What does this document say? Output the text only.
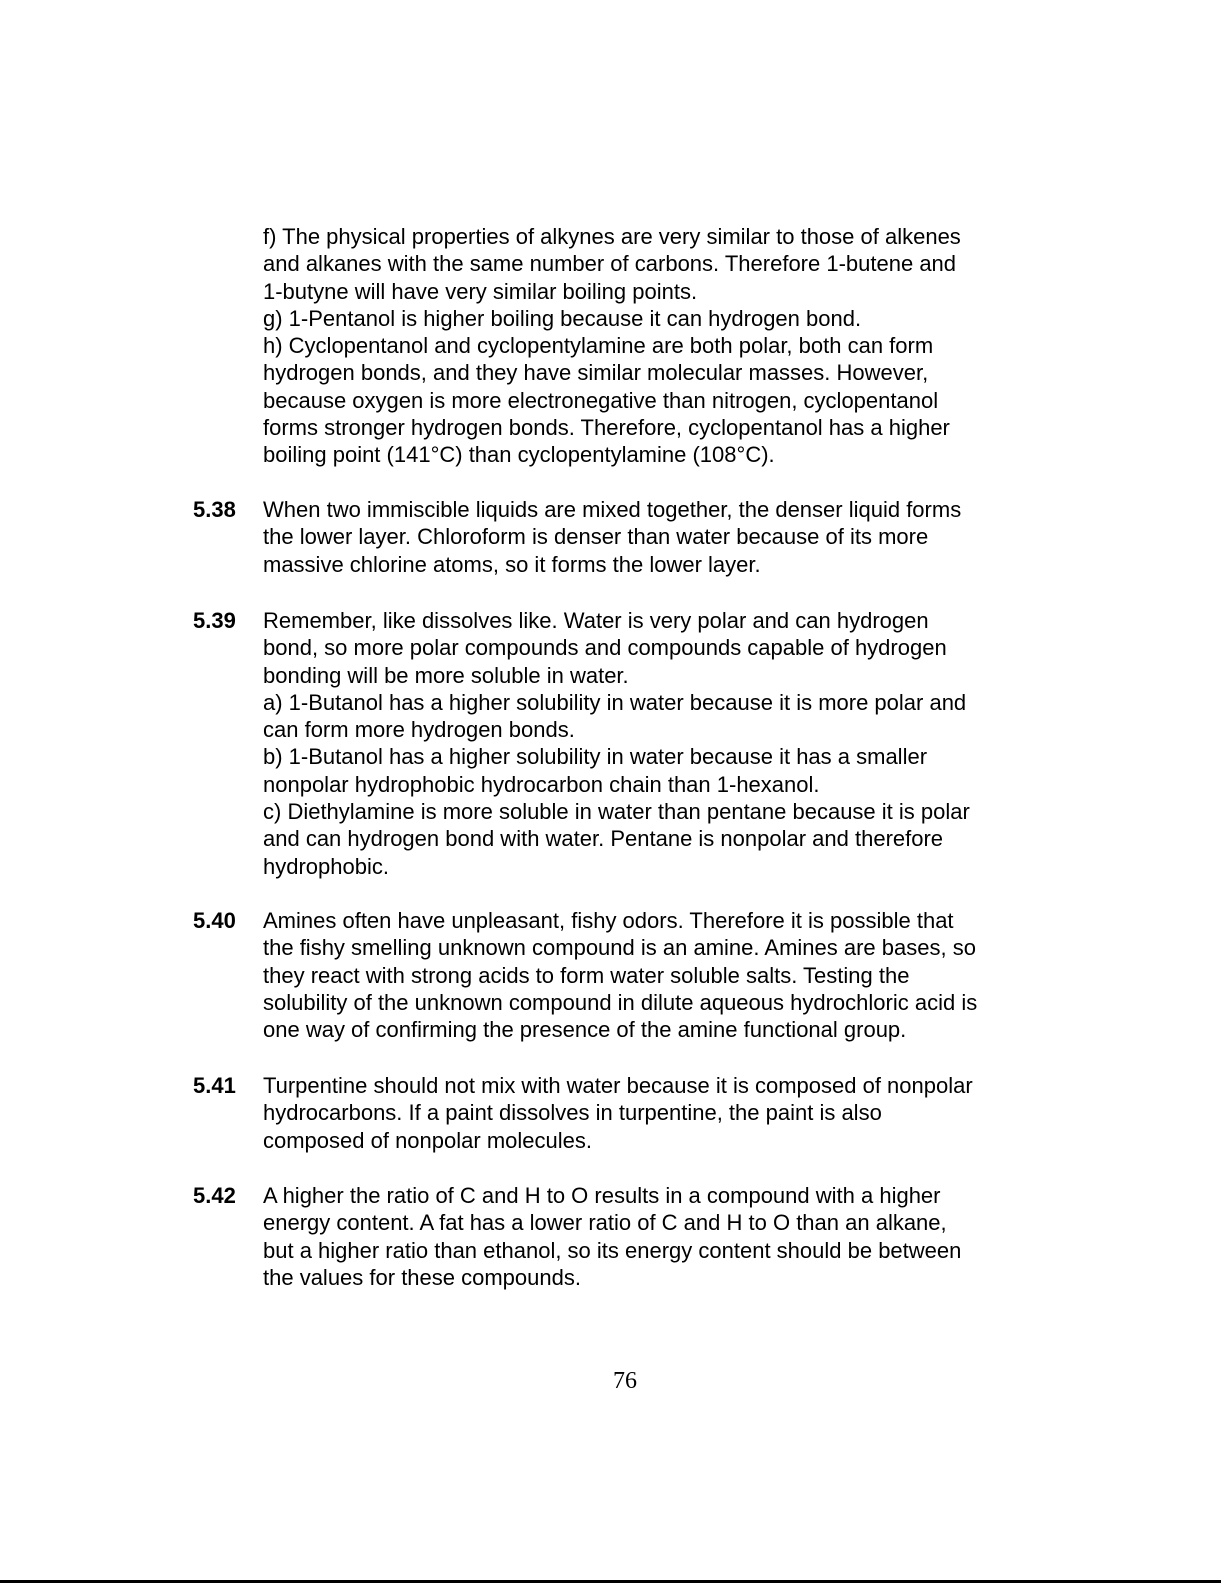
f) The physical properties of alkynes are very similar to those of alkenes
and alkanes with the same number of carbons. Therefore 1-butene and
1-butyne will have very similar boiling points.
g) 1-Pentanol is higher boiling because it can hydrogen bond.
h) Cyclopentanol and cyclopentylamine are both polar, both can form
hydrogen bonds, and they have similar molecular masses. However,
because oxygen is more electronegative than nitrogen, cyclopentanol
forms stronger hydrogen bonds. Therefore, cyclopentanol has a higher
boiling point (141°C) than cyclopentylamine (108°C).
5.38 When two immiscible liquids are mixed together, the denser liquid forms
the lower layer. Chloroform is denser than water because of its more
massive chlorine atoms, so it forms the lower layer.
5.39 Remember, like dissolves like. Water is very polar and can hydrogen
bond, so more polar compounds and compounds capable of hydrogen
bonding will be more soluble in water.
a) 1-Butanol has a higher solubility in water because it is more polar and
can form more hydrogen bonds.
b) 1-Butanol has a higher solubility in water because it has a smaller
nonpolar hydrophobic hydrocarbon chain than 1-hexanol.
c) Diethylamine is more soluble in water than pentane because it is polar
and can hydrogen bond with water. Pentane is nonpolar and therefore
hydrophobic.
5.40 Amines often have unpleasant, fishy odors. Therefore it is possible that
the fishy smelling unknown compound is an amine. Amines are bases, so
they react with strong acids to form water soluble salts. Testing the
solubility of the unknown compound in dilute aqueous hydrochloric acid is
one way of confirming the presence of the amine functional group.
5.41 Turpentine should not mix with water because it is composed of nonpolar
hydrocarbons. If a paint dissolves in turpentine, the paint is also
composed of nonpolar molecules.
5.42 A higher the ratio of C and H to O results in a compound with a higher
energy content. A fat has a lower ratio of C and H to O than an alkane,
but a higher ratio than ethanol, so its energy content should be between
the values for these compounds.
76
